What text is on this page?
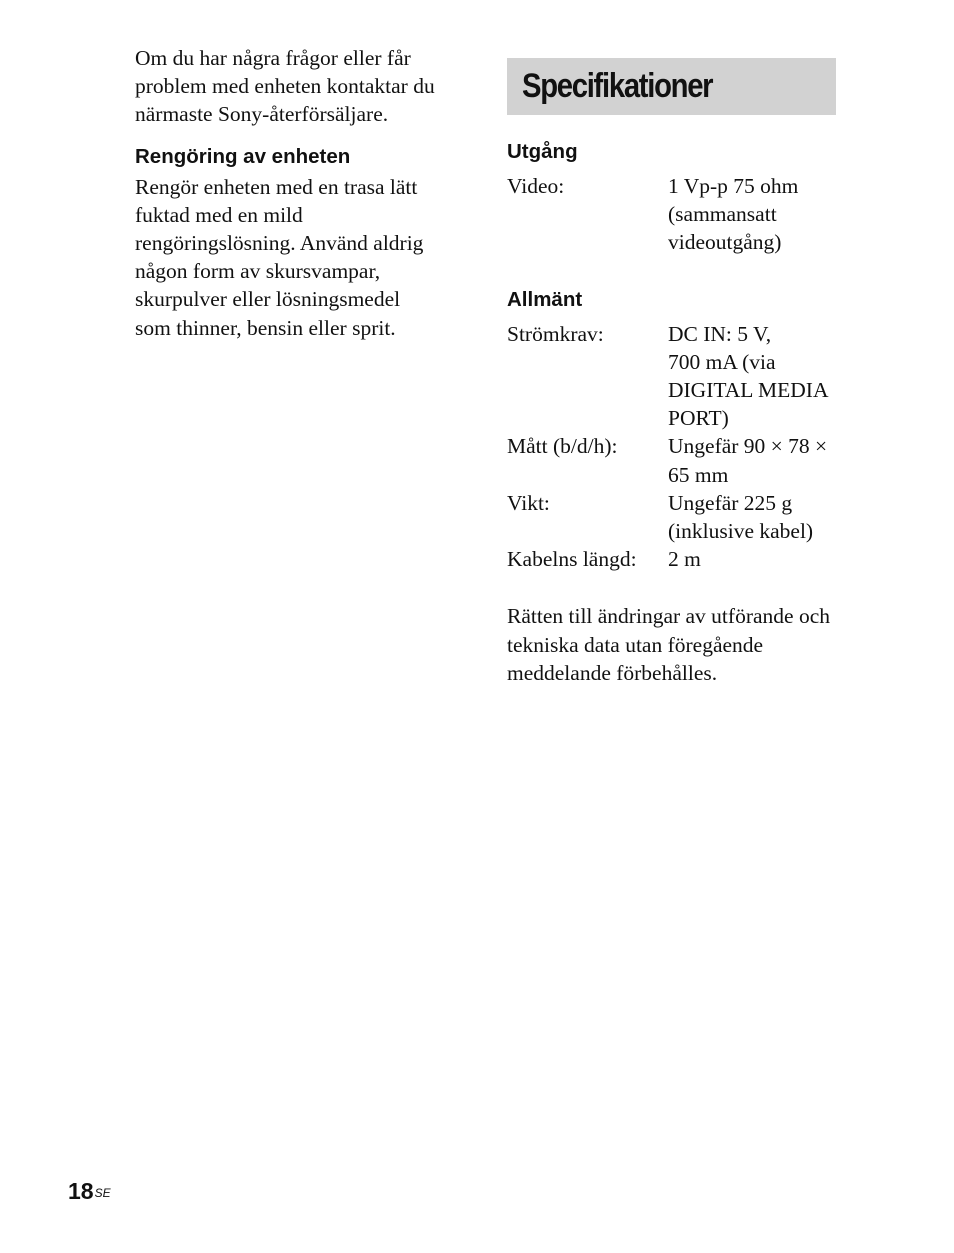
Om du har några frågor eller får
problem med enheten kontaktar du
närmaste Sony-återförsäljare.

Rengöring av enheten

Rengör enheten med en trasa lätt
fuktad med en mild
rengöringslösning. Använd aldrig
någon form av skursvampar,
skurpulver eller lösningsmedel
som thinner, bensin eller sprit.

Specifikationer
Utgång
Video:	1 Vp-p 75 ohm
(sammansatt
videoutgång)
Allmänt
Strömkrav:	DC IN: 5 V,
700 mA (via
DIGITAL MEDIA
PORT)
Mått (b/d/h):	Ungefär 90 × 78 ×
65 mm
Vikt:	Ungefär 225 g
(inklusive kabel)
Kabelns längd:	2 m

Rätten till ändringar av utförande och
tekniska data utan föregående
meddelande förbehålles.

$18^{SE}$
